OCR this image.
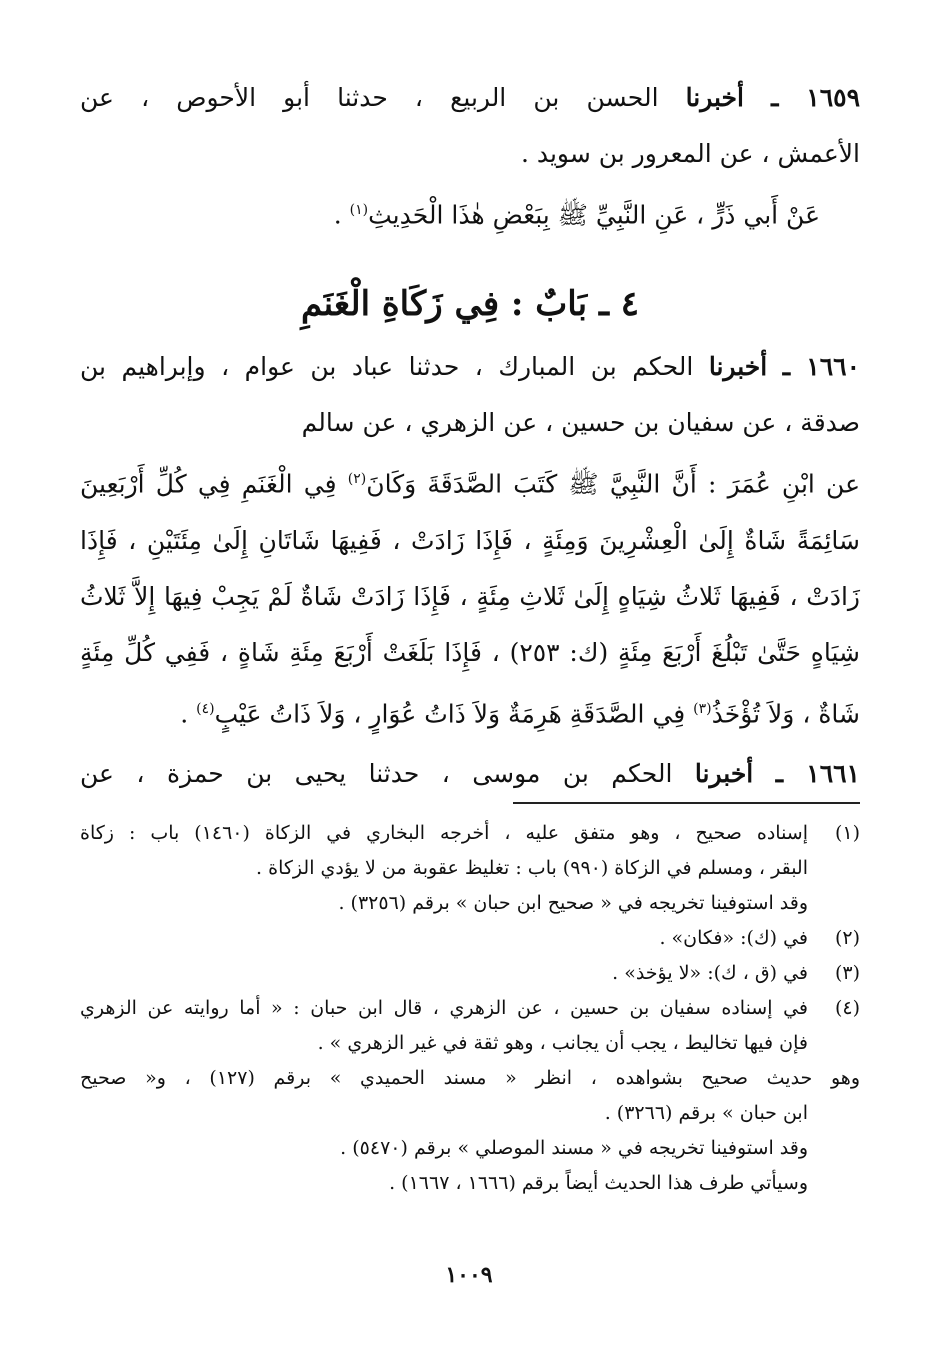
١٦٥٩ ـ أخبرنا الحسن بن الربيع ، حدثنا أبو الأحوص ، عن
الأعمش ، عن المعرور بن سويد .
عَنْ أَبي ذَرٍّ ، عَنِ النَّبِيِّ ﷺ بِبَعْضِ هٰذَا الْحَدِيثِ$^{(١)}$ .
٤ ـ بَابٌ : فِي زَكَاةِ الْغَنَمِ
١٦٦٠ ـ أخبرنا الحكم بن المبارك ، حدثنا عباد بن عوام ، وإبراهيم بن
صدقة ، عن سفيان بن حسين ، عن الزهري ، عن سالم
عن ابْنِ عُمَرَ : أَنَّ النَّبِيَّ ﷺ كَتَبَ الصَّدَقَةَ وَكَانَ$^{(٢)}$ فِي الْغَنَمِ فِي كُلِّ أَرْبَعِينَ
سَائِمَةً شَاةٌ إِلَىٰ الْعِشْرِينَ وَمِئَةٍ ، فَإِذَا زَادَتْ ، فَفِيهَا شَاتَانِ إِلَىٰ مِئَتَيْنِ ، فَإِذَا
زَادَتْ ، فَفِيهَا ثَلاثُ شِيَاهٍ إِلَىٰ ثَلاثِ مِئَةٍ ، فَإِذَا زَادَتْ شَاةٌ لَمْ يَجِبْ فِيهَا إِلاَّ ثَلاثُ
شِيَاهٍ حَتَّىٰ تَبْلُغَ أَرْبَعَ مِئَةٍ (ك: ٢٥٣) ، فَإِذَا بَلَغَتْ أَرْبَعَ مِئَةِ شَاةٍ ، فَفِي كُلِّ مِئَةٍ
شَاةٌ ، وَلاَ تُؤْخَذُ$^{(٣)}$ فِي الصَّدَقَةِ هَرِمَةٌ وَلاَ ذَاتُ عُوَارٍ ، وَلاَ ذَاتُ عَيْبٍ$^{(٤)}$ .
١٦٦١ ـ أخبرنا الحكم بن موسى ، حدثنا يحيى بن حمزة ، عن
(١)
إسناده صحيح ، وهو متفق عليه ، أخرجه البخاري في الزكاة (١٤٦٠) باب : زكاة
البقر ، ومسلم في الزكاة (٩٩٠) باب : تغليظ عقوبة من لا يؤدي الزكاة .
وقد استوفينا تخريجه في « صحيح ابن حبان » برقم (٣٢٥٦) .
(٢)
في (ك): «فكان» .
(٣)
في (ق ، ك): «لا يؤخذ» .
(٤)
في إسناده سفيان بن حسين ، عن الزهري ، قال ابن حبان : « أما روايته عن الزهري
فإن فيها تخاليط ، يجب أن يجانب ، وهو ثقة في غير الزهري » .
وهو حديث صحيح بشواهده ، انظر « مسند الحميدي » برقم (١٢٧) ، و« صحيح
ابن حبان » برقم (٣٢٦٦) .
وقد استوفينا تخريجه في « مسند الموصلي » برقم (٥٤٧٠) .
وسيأتي طرف هذا الحديث أيضاً برقم (١٦٦٦ ، ١٦٦٧) .
١٠٠٩
